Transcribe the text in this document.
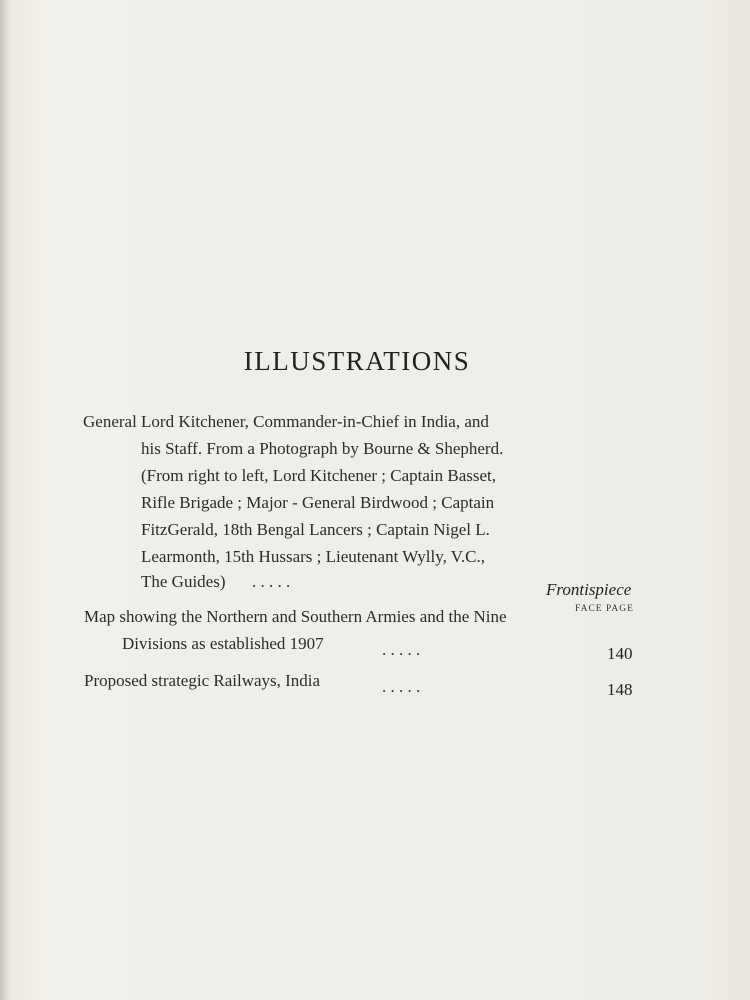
ILLUSTRATIONS
General Lord Kitchener, Commander-in-Chief in India, and
his Staff. From a Photograph by Bourne & Shepherd.
(From right to left, Lord Kitchener ; Captain Basset,
Rifle Brigade ; Major - General Birdwood ; Captain
FitzGerald, 18th Bengal Lancers ; Captain Nigel L.
Learmonth, 15th Hussars ; Lieutenant Wylly, V.C.,
The Guides) . . . . .	Frontispiece
FACE PAGE
Map showing the Northern and Southern Armies and the Nine
Divisions as established 1907	. . . . .	140
Proposed strategic Railways, India	. . . . .	148
